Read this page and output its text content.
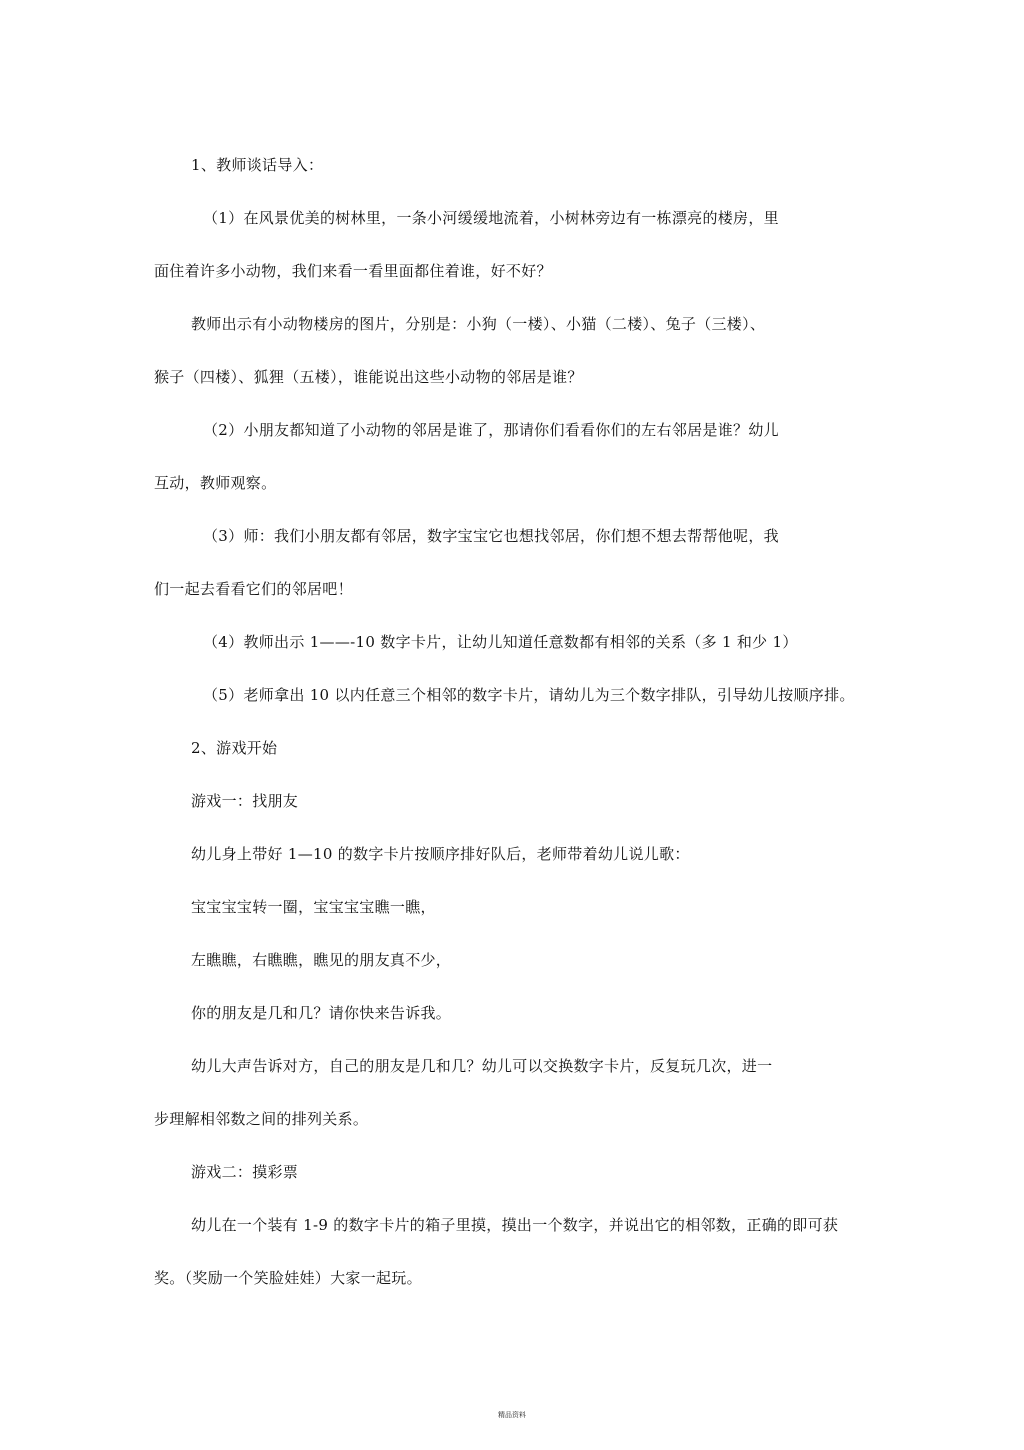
1、教师谈话导入：
（1）在风景优美的树林里，一条小河缓缓地流着，小树林旁边有一栋漂亮的楼房，里
面住着许多小动物，我们来看一看里面都住着谁，好不好？
教师出示有小动物楼房的图片，分别是：小狗（一楼）、小猫（二楼）、兔子（三楼）、
猴子（四楼）、狐狸（五楼），谁能说出这些小动物的邻居是谁？
（2）小朋友都知道了小动物的邻居是谁了，那请你们看看你们的左右邻居是谁？幼儿
互动，教师观察。
（3）师：我们小朋友都有邻居，数字宝宝它也想找邻居，你们想不想去帮帮他呢，我
们一起去看看它们的邻居吧！
（4）教师出示 1——-10 数字卡片，让幼儿知道任意数都有相邻的关系（多 1 和少 1）
（5）老师拿出 10 以内任意三个相邻的数字卡片，请幼儿为三个数字排队，引导幼儿按顺序排。
2、游戏开始
游戏一：找朋友
幼儿身上带好 1—10 的数字卡片按顺序排好队后，老师带着幼儿说儿歌：
宝宝宝宝转一圈，宝宝宝宝瞧一瞧，
左瞧瞧，右瞧瞧，瞧见的朋友真不少，
你的朋友是几和几？请你快来告诉我。
幼儿大声告诉对方，自己的朋友是几和几？幼儿可以交换数字卡片，反复玩几次，进一
步理解相邻数之间的排列关系。
游戏二：摸彩票
幼儿在一个装有 1-9 的数字卡片的箱子里摸，摸出一个数字，并说出它的相邻数，正确的即可获
奖。（奖励一个笑脸娃娃）大家一起玩。
精品资料
